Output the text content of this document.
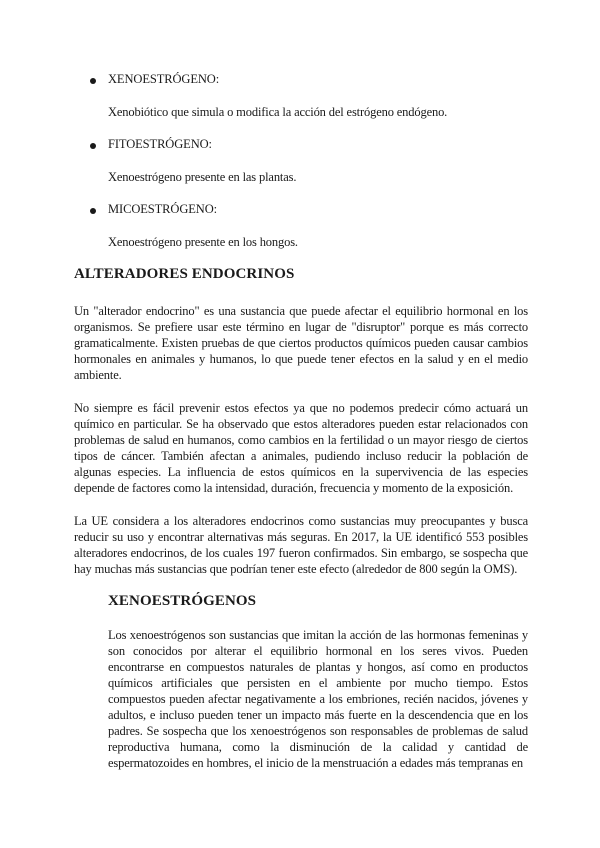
XENOESTRÓGENO:
Xenobiótico que simula o modifica la acción del estrógeno endógeno.
FITOESTRÓGENO:
Xenoestrógeno presente en las plantas.
MICOESTRÓGENO:
Xenoestrógeno presente en los hongos.
ALTERADORES ENDOCRINOS

Un "alterador endocrino" es una sustancia que puede afectar el equilibrio hormonal en los organismos. Se prefiere usar este término en lugar de "disruptor" porque es más correcto gramaticalmente. Existen pruebas de que ciertos productos químicos pueden causar cambios hormonales en animales y humanos, lo que puede tener efectos en la salud y en el medio ambiente.

No siempre es fácil prevenir estos efectos ya que no podemos predecir cómo actuará un químico en particular. Se ha observado que estos alteradores pueden estar relacionados con problemas de salud en humanos, como cambios en la fertilidad o un mayor riesgo de ciertos tipos de cáncer. También afectan a animales, pudiendo incluso reducir la población de algunas especies. La influencia de estos químicos en la supervivencia de las especies depende de factores como la intensidad, duración, frecuencia y momento de la exposición.

La UE considera a los alteradores endocrinos como sustancias muy preocupantes y busca reducir su uso y encontrar alternativas más seguras. En 2017, la UE identificó 553 posibles alteradores endocrinos, de los cuales 197 fueron confirmados. Sin embargo, se sospecha que hay muchas más sustancias que podrían tener este efecto (alrededor de 800 según la OMS).

XENOESTRÓGENOS

Los xenoestrógenos son sustancias que imitan la acción de las hormonas femeninas y son conocidos por alterar el equilibrio hormonal en los seres vivos. Pueden encontrarse en compuestos naturales de plantas y hongos, así como en productos químicos artificiales que persisten en el ambiente por mucho tiempo. Estos compuestos pueden afectar negativamente a los embriones, recién nacidos, jóvenes y adultos, e incluso pueden tener un impacto más fuerte en la descendencia que en los padres. Se sospecha que los xenoestrógenos son responsables de problemas de salud reproductiva humana, como la disminución de la calidad y cantidad de espermatozoides en hombres, el inicio de la menstruación a edades más tempranas en
